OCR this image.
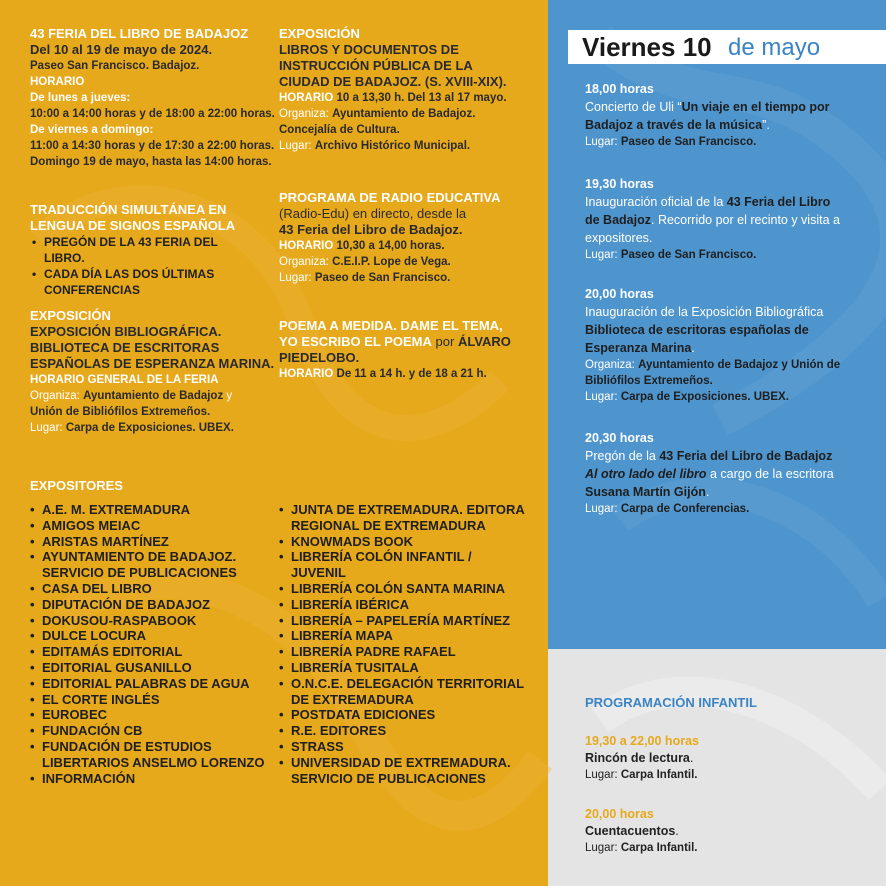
43 FERIA DEL LIBRO DE BADAJOZ
Del 10 al 19 de mayo de 2024.
Paseo San Francisco. Badajoz.
HORARIO
De lunes a jueves:
10:00 a 14:00 horas y de 18:00 a 22:00 horas.
De viernes a domingo:
11:00 a 14:30 horas y de 17:30 a 22:00 horas.
Domingo 19 de mayo, hasta las 14:00 horas.
TRADUCCIÓN SIMULTÁNEA EN
LENGUA DE SIGNOS ESPAÑOLA
• PREGÓN DE LA 43 FERIA DEL LIBRO.
• CADA DÍA LAS DOS ÚLTIMAS CONFERENCIAS
EXPOSICIÓN
EXPOSICIÓN BIBLIOGRÁFICA.
BIBLIOTECA DE ESCRITORAS
ESPAÑOLAS DE ESPERANZA MARINA.
HORARIO GENERAL DE LA FERIA
Organiza: Ayuntamiento de Badajoz y
Unión de Bibliófilos Extremeños.
Lugar: Carpa de Exposiciones. UBEX.
EXPOSICIÓN
LIBROS Y DOCUMENTOS DE
INSTRUCCIÓN PÚBLICA DE LA
CIUDAD DE BADAJOZ. (S. XVIII-XIX).
HORARIO 10 a 13,30 h. Del 13 al 17 mayo.
Organiza: Ayuntamiento de Badajoz.
Concejalía de Cultura.
Lugar: Archivo Histórico Municipal.
PROGRAMA DE RADIO EDUCATIVA
(Radio-Edu) en directo, desde la
43 Feria del Libro de Badajoz.
HORARIO 10,30 a 14,00 horas.
Organiza: C.E.I.P. Lope de Vega.
Lugar: Paseo de San Francisco.
POEMA A MEDIDA. DAME EL TEMA,
YO ESCRIBO EL POEMA por ÁLVARO
PIEDELOBO.
HORARIO De 11 a 14 h. y de 18 a 21 h.
EXPOSITORES
• A.E. M. EXTREMADURA
• AMIGOS MEIAC
• ARISTAS MARTÍNEZ
• AYUNTAMIENTO DE BADAJOZ. SERVICIO DE PUBLICACIONES
• CASA DEL LIBRO
• DIPUTACIÓN DE BADAJOZ
• DOKUSOU-RASPABOOK
• DULCE LOCURA
• EDITAMÁS EDITORIAL
• EDITORIAL GUSANILLO
• EDITORIAL PALABRAS DE AGUA
• EL CORTE INGLÉS
• EUROBEC
• FUNDACIÓN CB
• FUNDACIÓN DE ESTUDIOS LIBERTARIOS ANSELMO LORENZO
• INFORMACIÓN
• JUNTA DE EXTREMADURA. EDITORA REGIONAL DE EXTREMADURA
• KNOWMADS BOOK
• LIBRERÍA COLÓN INFANTIL / JUVENIL
• LIBRERÍA COLÓN SANTA MARINA
• LIBRERÍA IBÉRICA
• LIBRERÍA – PAPELERÍA MARTÍNEZ
• LIBRERÍA MAPA
• LIBRERÍA PADRE RAFAEL
• LIBRERÍA TUSITALA
• O.N.C.E. DELEGACIÓN TERRITORIAL DE EXTREMADURA
• POSTDATA EDICIONES
• R.E. EDITORES
• STRASS
• UNIVERSIDAD DE EXTREMADURA. SERVICIO DE PUBLICACIONES
Viernes 10 de mayo
18,00 horas
Concierto de Uli “Un viaje en el tiempo por
Badajoz a través de la música”.
Lugar: Paseo de San Francisco.
19,30 horas
Inauguración oficial de la 43 Feria del Libro
de Badajoz. Recorrido por el recinto y visita a
expositores.
Lugar: Paseo de San Francisco.
20,00 horas
Inauguración de la Exposición Bibliográfica
Biblioteca de escritoras españolas de
Esperanza Marina.
Organiza: Ayuntamiento de Badajoz y Unión de
Bibliófilos Extremeños.
Lugar: Carpa de Exposiciones. UBEX.
20,30 horas
Pregón de la 43 Feria del Libro de Badajoz
Al otro lado del libro a cargo de la escritora
Susana Martín Gijón.
Lugar: Carpa de Conferencias.
PROGRAMACIÓN INFANTIL
19,30 a 22,00 horas
Rincón de lectura.
Lugar: Carpa Infantil.
20,00 horas
Cuentacuentos.
Lugar: Carpa Infantil.
